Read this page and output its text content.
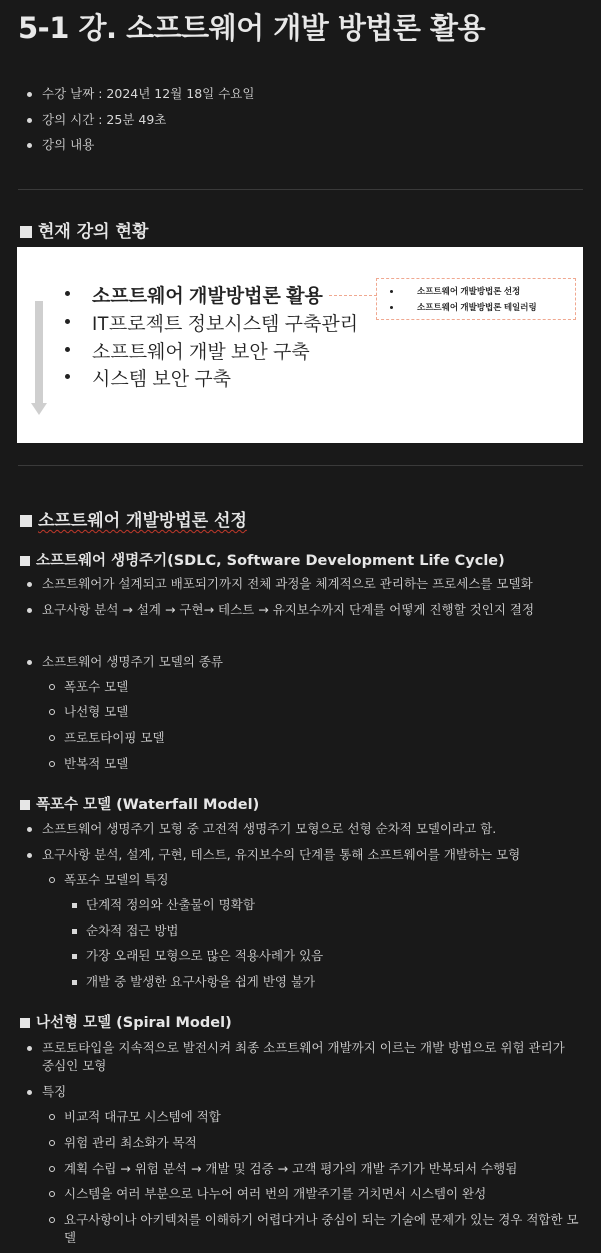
5-1 강. 소프트웨어 개발 방법론 활용
수강 날짜 : 2024년 12월 18일 수요일
강의 시간 : 25분 49초
강의 내용
현재 강의 현황
소프트웨어 개발방법론 활용
IT프로젝트 정보시스템 구축관리
소프트웨어 개발 보안 구축
시스템 보안 구축
소프트웨어 개발방법론 선정
소프트웨어 개발방법론 테일러링
소프트웨어 개발방법론 선정
소프트웨어 생명주기(SDLC, Software Development Life Cycle)
소프트웨어가 설계되고 배포되기까지 전체 과정을 체계적으로 관리하는 프로세스를 모델화
요구사항 분석 → 설계 → 구현→ 테스트 → 유지보수까지 단계를 어떻게 진행할 것인지 결정
소프트웨어 생명주기 모델의 종류
폭포수 모델
나선형 모델
프로토타이핑 모델
반복적 모델
폭포수 모델 (Waterfall Model)
소프트웨어 생명주기 모형 중 고전적 생명주기 모형으로 선형 순차적 모델이라고 함.
요구사항 분석, 설계, 구현, 테스트, 유지보수의 단계를 통해 소프트웨어를 개발하는 모형
폭포수 모델의 특징
단계적 정의와 산출물이 명확함
순차적 접근 방법
가장 오래된 모형으로 많은 적용사례가 있음
개발 중 발생한 요구사항을 쉽게 반영 불가
나선형 모델 (Spiral Model)
프로토타입을 지속적으로 발전시켜 최종 소프트웨어 개발까지 이르는 개발 방법으로 위험 관리가 중심인 모형
특징
비교적 대규모 시스템에 적합
위험 관리 최소화가 목적
계획 수립 → 위험 분석 → 개발 및 검증 → 고객 평가의 개발 주기가 반복되서 수행됨
시스템을 여러 부분으로 나누어 여러 번의 개발주기를 거치면서 시스템이 완성
요구사항이나 아키텍처를 이해하기 어렵다거나 중심이 되는 기술에 문제가 있는 경우 적합한 모델
